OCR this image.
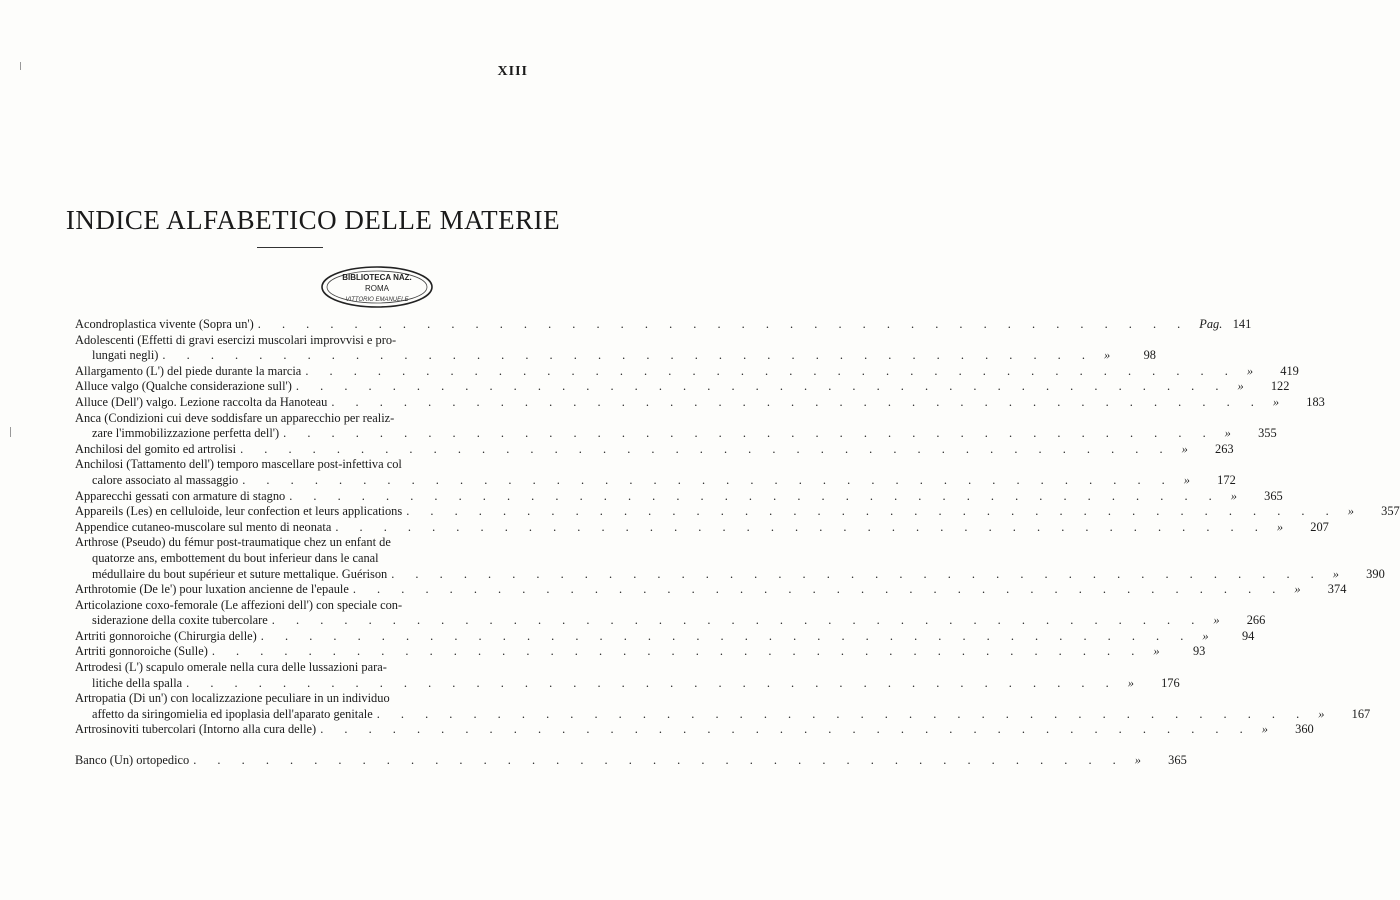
XIII
INDICE ALFABETICO DELLE MATERIE
BIBLIOTECA NAZ.
ROMA
VITTORIO EMANUELE
Acondroplastica vivente (Sopra un') . . . . . . . . . . . . . . . . . . . . . . . . . . . . . . . . . . . . . . . Pag. 141
Adolescenti (Effetti di gravi esercizi muscolari improvvisi e pro-
lungati negli) . . . . . . . . . . . . . . . . . . . . . . . . . . . . . . . . . . . . . . . »	98
Allargamento (L') del piede durante la marcia . . . . . . . . . . . . . . . . . . . . . . . . . . . . . . . . . . . . . . . »	419
Alluce valgo (Qualche considerazione sull') . . . . . . . . . . . . . . . . . . . . . . . . . . . . . . . . . . . . . . . »	122
Alluce (Dell') valgo. Lezione raccolta da Hanoteau . . . . . . . . . . . . . . . . . . . . . . . . . . . . . . . . . . . . . . . »	183
Anca (Condizioni cui deve soddisfare un apparecchio per realiz-
zare l'immobilizzazione perfetta dell') . . . . . . . . . . . . . . . . . . . . . . . . . . . . . . . . . . . . . . . »	355
Anchilosi del gomito ed artrolisi . . . . . . . . . . . . . . . . . . . . . . . . . . . . . . . . . . . . . . . »	263
Anchilosi (Tattamento dell') temporo mascellare post-infettiva col
calore associato al massaggio . . . . . . . . . . . . . . . . . . . . . . . . . . . . . . . . . . . . . . . »	172
Apparecchi gessati con armature di stagno . . . . . . . . . . . . . . . . . . . . . . . . . . . . . . . . . . . . . . . »	365
Appareils (Les) en celluloide, leur confection et leurs applications . . . . . . . . . . . . . . . . . . . . . . . . . . . . . . . . . . . . . . . »	357
Appendice cutaneo-muscolare sul mento di neonata . . . . . . . . . . . . . . . . . . . . . . . . . . . . . . . . . . . . . . . »	207
Arthrose (Pseudo) du fémur post-traumatique chez un enfant de
quatorze ans, embottement du bout inferieur dans le canal
médullaire du bout supérieur et suture mettalique. Guérison . . . . . . . . . . . . . . . . . . . . . . . . . . . . . . . . . . . . . . . »	390
Arthrotomie (De le') pour luxation ancienne de l'epaule . . . . . . . . . . . . . . . . . . . . . . . . . . . . . . . . . . . . . . . »	374
Articolazione coxo-femorale (Le affezioni dell') con speciale con-
siderazione della coxite tubercolare . . . . . . . . . . . . . . . . . . . . . . . . . . . . . . . . . . . . . . . »	266
Artriti gonnoroiche (Chirurgia delle) . . . . . . . . . . . . . . . . . . . . . . . . . . . . . . . . . . . . . . . »	94
Artriti gonnoroiche (Sulle) . . . . . . . . . . . . . . . . . . . . . . . . . . . . . . . . . . . . . . . »	93
Artrodesi (L') scapulo omerale nella cura delle lussazioni para-
litiche della spalla . . . . . . . . . . . . . . . . . . . . . . . . . . . . . . . . . . . . . . . »	176
Artropatia (Di un') con localizzazione peculiare in un individuo
affetto da siringomielia ed ipoplasia dell'aparato genitale . . . . . . . . . . . . . . . . . . . . . . . . . . . . . . . . . . . . . . . »	167
Artrosinoviti tubercolari (Intorno alla cura delle) . . . . . . . . . . . . . . . . . . . . . . . . . . . . . . . . . . . . . . . »	360
Banco (Un) ortopedico . . . . . . . . . . . . . . . . . . . . . . . . . . . . . . . . . . . . . . . »	365
